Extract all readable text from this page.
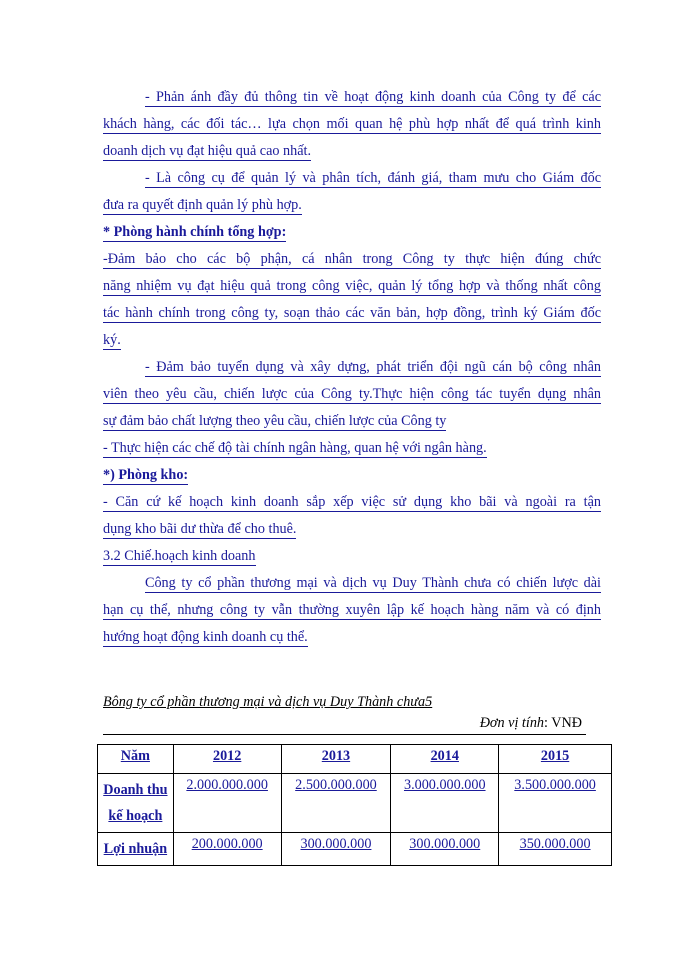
- Phản ánh đầy đủ thông tin về hoạt động kinh doanh của Công ty để các
khách hàng, các đối tác… lựa chọn mối quan hệ phù hợp nhất để quá trình kinh
doanh dịch vụ đạt hiệu quả cao nhất.
- Là công cụ để quản lý và phân tích, đánh giá, tham mưu cho Giám đốc
đưa ra quyết định quản lý phù hợp.
* Phòng hành chính tổng hợp:
-Đảm bảo cho các bộ phận, cá nhân trong Công ty thực hiện đúng chức
năng nhiệm vụ đạt hiệu quả trong công việc, quản lý tổng hợp và thống nhất công
tác hành chính trong công ty, soạn thảo các văn bản, hợp đồng, trình ký Giám đốc
ký.
- Đảm bảo tuyển dụng và xây dựng, phát triển đội ngũ cán bộ công nhân
viên theo yêu cầu, chiến lược của Công ty.Thực hiện công tác tuyển dụng nhân
sự đảm bảo chất lượng theo yêu cầu, chiến lược của Công ty
- Thực hiện các chế độ tài chính ngân hàng, quan hệ với ngân hàng.
*) Phòng kho:
- Căn cứ kế hoạch kinh doanh sắp xếp việc sử dụng kho bãi và ngoài ra tận
dụng kho bãi dư thừa để cho thuê.
3.2 Chiế.hoạch kinh doanh
Công ty cổ phần thương mại và dịch vụ Duy Thành chưa có chiến lược dài
hạn cụ thể, nhưng công ty vẫn thường xuyên lập kế hoạch hàng năm và có định
hướng hoạt động kinh doanh cụ thể.
Bông ty cổ phần thương mại và dịch vụ Duy Thành chưa5
Đơn vị tính: VNĐ
Năm	2012	2013	2014	2015
Doanh thu
kế hoạch	2.000.000.000	2.500.000.000	3.000.000.000	3.500.000.000
Lợi nhuận	200.000.000	300.000.000	300.000.000	350.000.000
